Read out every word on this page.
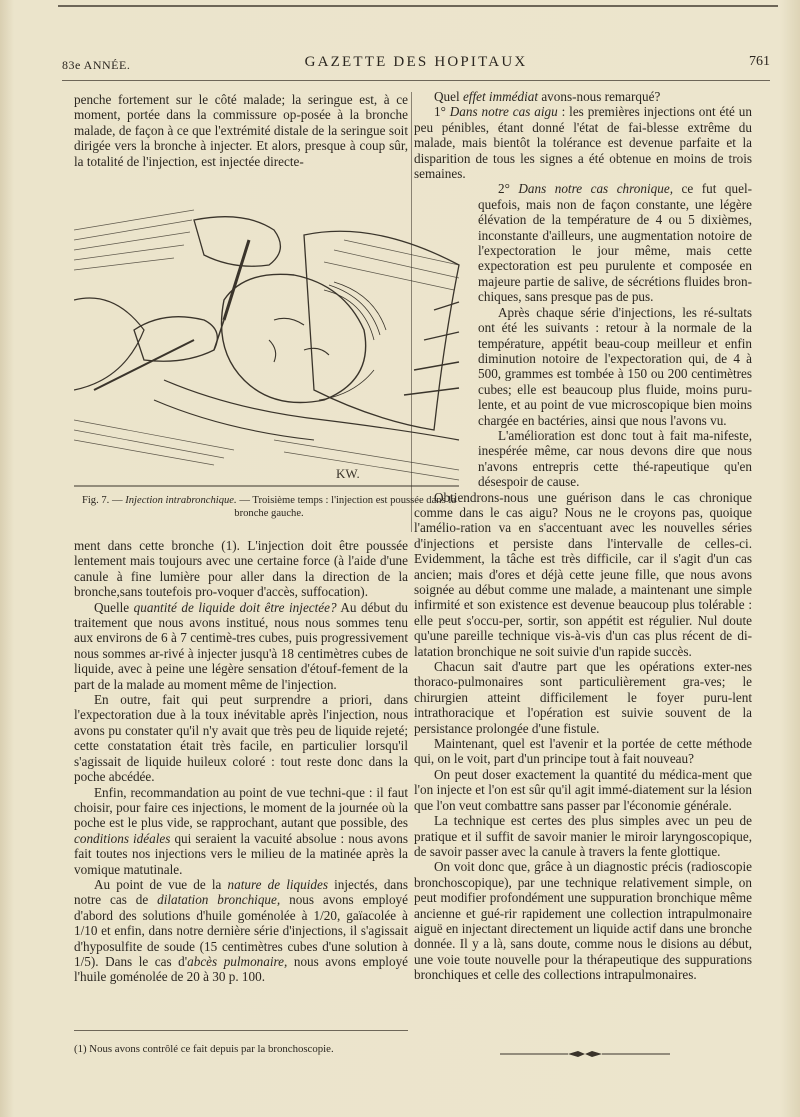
83e ANNÉE.	GAZETTE DES HOPITAUX	761

penche fortement sur le côté malade; la seringue est, à ce moment, portée dans la commissure op-posée à la bronche malade, de façon à ce que l'extrémité distale de la seringue soit dirigée vers la bronche à injecter. Et alors, presque à coup sûr, la totalité de l'injection, est injectée directe-

KW.
Fig. 7. — Injection intrabronchique. — Troisième temps : l'injection est poussée dans la bronche gauche.

ment dans cette bronche (1). L'injection doit être poussée lentement mais toujours avec une certaine force (à l'aide d'une canule à fine lumière pour aller dans la direction de la bronche,sans toutefois pro-voquer d'accès, suffocation).

Quelle quantité de liquide doit être injectée? Au début du traitement que nous avons institué, nous nous sommes tenu aux environs de 6 à 7 centimè-tres cubes, puis progressivement nous sommes ar-rivé à injecter jusqu'à 18 centimètres cubes de liquide, avec à peine une légère sensation d'étouf-fement de la part de la malade au moment même de l'injection.

En outre, fait qui peut surprendre a priori, dans l'expectoration due à la toux inévitable après l'injection, nous avons pu constater qu'il n'y avait que très peu de liquide rejeté; cette constatation était très facile, en particulier lorsqu'il s'agissait de liquide huileux coloré : tout reste donc dans la poche abcédée.

Enfin, recommandation au point de vue techni-que : il faut choisir, pour faire ces injections, le moment de la journée où la poche est le plus vide, se rapprochant, autant que possible, des conditions idéales qui seraient la vacuité absolue : nous avons fait toutes nos injections vers le milieu de la matinée après la vomique matutinale.

Au point de vue de la nature de liquides injectés, dans notre cas de dilatation bronchique, nous avons employé d'abord des solutions d'huile goménolée à 1/20, gaïacolée à 1/10 et enfin, dans notre dernière série d'injections, il s'agissait d'hyposulfite de soude (15 centimètres cubes d'une solution à 1/5). Dans le cas d'abcès pulmonaire, nous avons employé l'huile goménolée de 20 à 30 p. 100.

(1) Nous avons contrôlé ce fait depuis par la bronchoscopie.

Quel effet immédiat avons-nous remarqué?

1° Dans notre cas aigu : les premières injections ont été un peu pénibles, étant donné l'état de fai-blesse extrême du malade, mais bientôt la tolérance est devenue parfaite et la disparition de tous les signes a été obtenue en moins de trois semaines.

2° Dans notre cas chronique, ce fut quel-quefois, mais non de façon constante, une légère élévation de la température de 4 ou 5 dixièmes, inconstante d'ailleurs, une augmentation notoire de l'expectoration le jour même, mais cette expectoration est peu purulente et composée en majeure partie de salive, de sécrétions fluides bron-chiques, sans presque pas de pus.

Après chaque série d'injections, les ré-sultats ont été les suivants : retour à la normale de la température, appétit beau-coup meilleur et enfin diminution notoire de l'expectoration qui, de 4 à 500, grammes est tombée à 150 ou 200 centimètres cubes; elle est beaucoup plus fluide, moins puru-lente, et au point de vue microscopique bien moins chargée en bactéries, ainsi que nous l'avons vu.

L'amélioration est donc tout à fait ma-nifeste, inespérée même, car nous devons dire que nous n'avons entrepris cette thé-rapeutique qu'en désespoir de cause.

Obtiendrons-nous une guérison dans le cas chronique comme dans le cas aigu? Nous ne le croyons pas, quoique l'amélio-ration va en s'accentuant avec les nouvelles séries d'injections et persiste dans l'intervalle de celles-ci. Evidemment, la tâche est très difficile, car il s'agit d'un cas ancien; mais d'ores et déjà cette jeune fille, que nous avons soignée au début comme une malade, a maintenant une simple infirmité et son existence est devenue beaucoup plus tolérable : elle peut s'occu-per, sortir, son appétit est régulier. Nul doute qu'une pareille technique vis-à-vis d'un cas plus récent de di-latation bronchique ne soit suivie d'un rapide succès.

Chacun sait d'autre part que les opérations exter-nes thoraco-pulmonaires sont particulièrement gra-ves; le chirurgien atteint difficilement le foyer puru-lent intrathoracique et l'opération est suivie souvent de la persistance prolongée d'une fistule.

Maintenant, quel est l'avenir et la portée de cette méthode qui, on le voit, part d'un principe tout à fait nouveau?

On peut doser exactement la quantité du médica-ment que l'on injecte et l'on est sûr qu'il agit immé-diatement sur la lésion que l'on veut combattre sans passer par l'économie générale.

La technique est certes des plus simples avec un peu de pratique et il suffit de savoir manier le miroir laryngoscopique, de savoir passer avec la canule à travers la fente glottique.

On voit donc que, grâce à un diagnostic précis (radioscopie bronchoscopique), par une technique relativement simple, on peut modifier profondément une suppuration bronchique même ancienne et gué-rir rapidement une collection intrapulmonaire aiguë en injectant directement un liquide actif dans une bronche donnée. Il y a là, sans doute, comme nous le disions au début, une voie toute nouvelle pour la thérapeutique des suppurations bronchiques et celle des collections intrapulmonaires.
